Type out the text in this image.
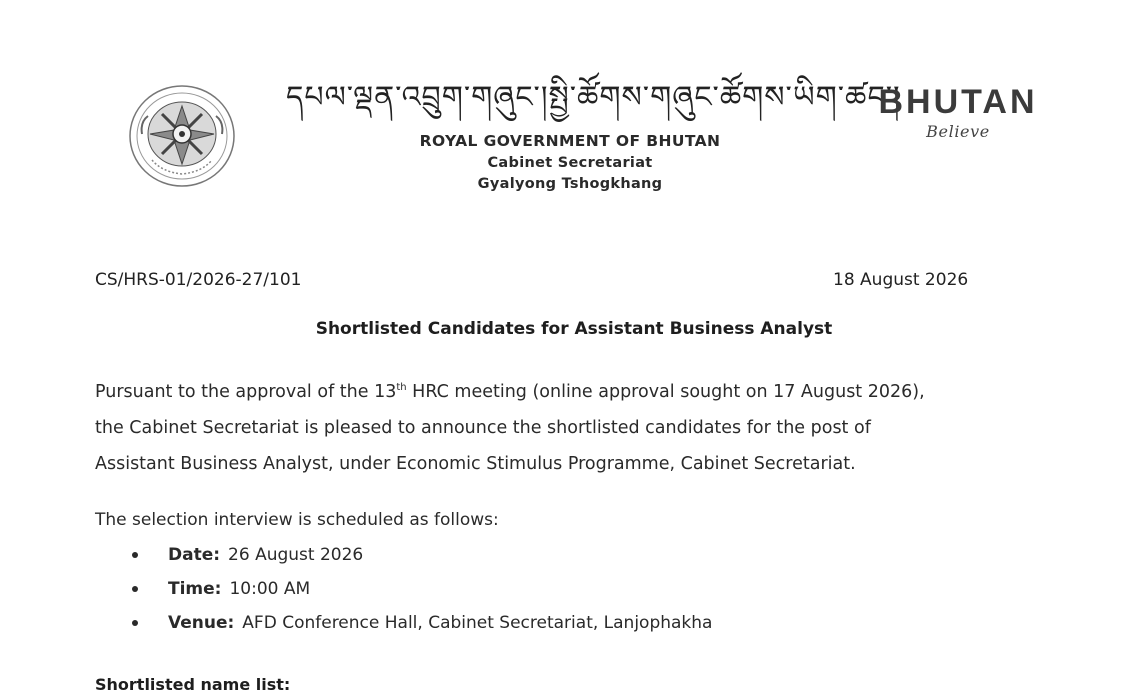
དཔལ་ལྡན་འབྲུག་གཞུང་།སྤྱི་ཚོགས་གཞུང་ཚོགས་ཡིག་ཚང་།
ROYAL GOVERNMENT OF BHUTAN
Cabinet Secretariat
Gyalyong Tshogkhang
BHUTAN
Believe
CS/HRS-01/2026-27/101	18 August 2026
Shortlisted Candidates for Assistant Business Analyst
Pursuant to the approval of the 13th HRC meeting (online approval sought on 17 August 2026),
the Cabinet Secretariat is pleased to announce the shortlisted candidates for the post of
Assistant Business Analyst, under Economic Stimulus Programme, Cabinet Secretariat.
The selection interview is scheduled as follows:
Date: 26 August 2026
Time: 10:00 AM
Venue: AFD Conference Hall, Cabinet Secretariat, Lanjophakha
Shortlisted name list:
